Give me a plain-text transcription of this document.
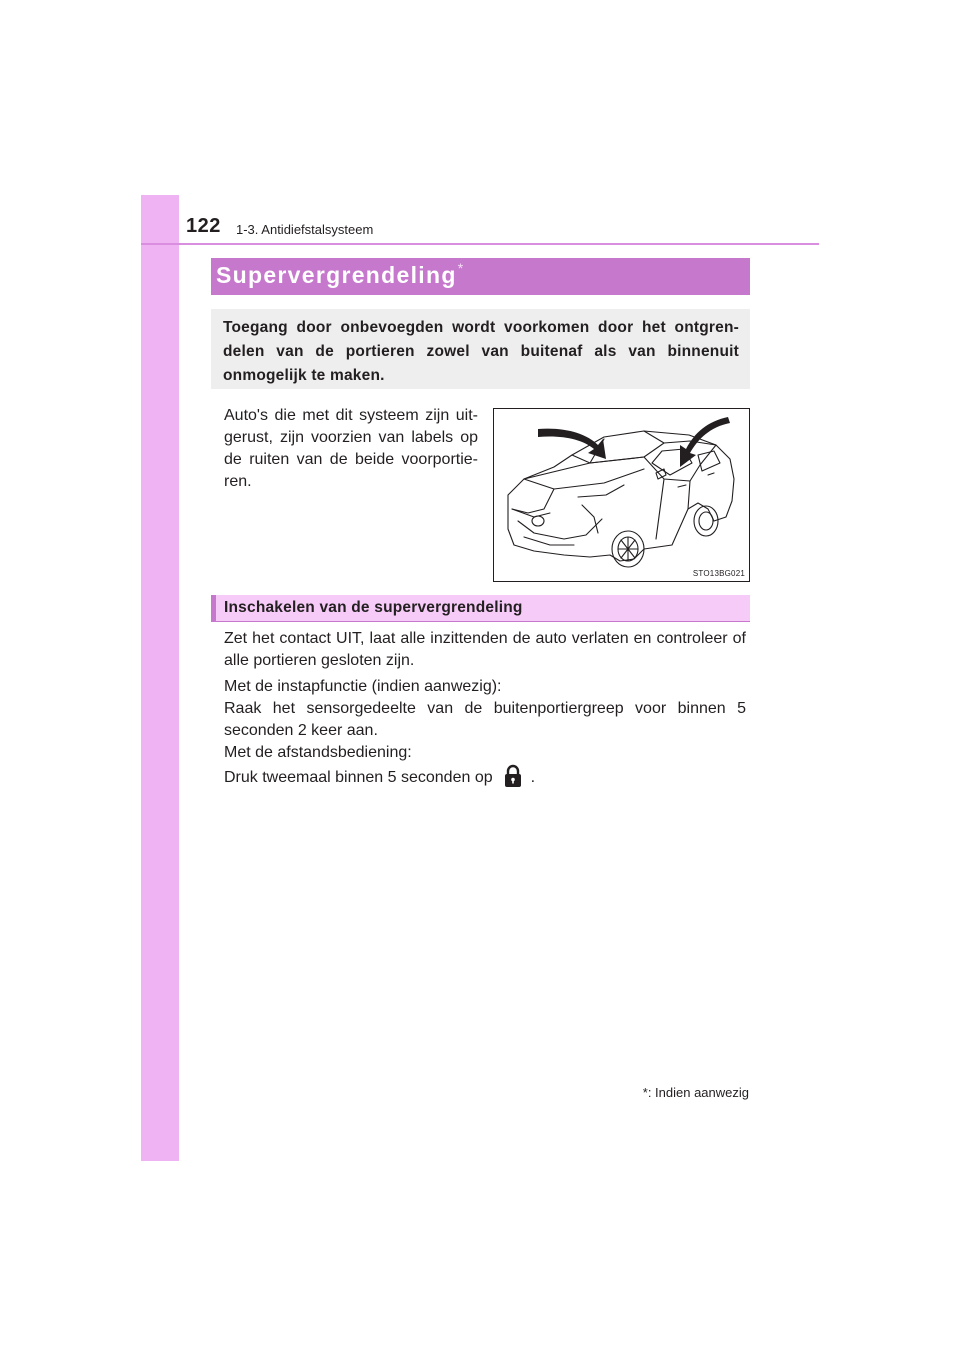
122 1-3. Antidiefstalsysteem
Supervergrendeling*
Toegang door onbevoegden wordt voorkomen door het ontgren-delen van de portieren zowel van buitenaf als van binnenuit onmogelijk te maken.
Auto's die met dit systeem zijn uit-gerust, zijn voorzien van labels op de ruiten van de beide voorportie-ren.
STO13BG021
Inschakelen van de supervergrendeling
Zet het contact UIT, laat alle inzittenden de auto verlaten en controleer of alle portieren gesloten zijn.
Met de instapfunctie (indien aanwezig):
Raak het sensorgedeelte van de buitenportiergreep voor binnen 5 seconden 2 keer aan.
Met de afstandsbediening:
Druk tweemaal binnen 5 seconden op .
*: Indien aanwezig
